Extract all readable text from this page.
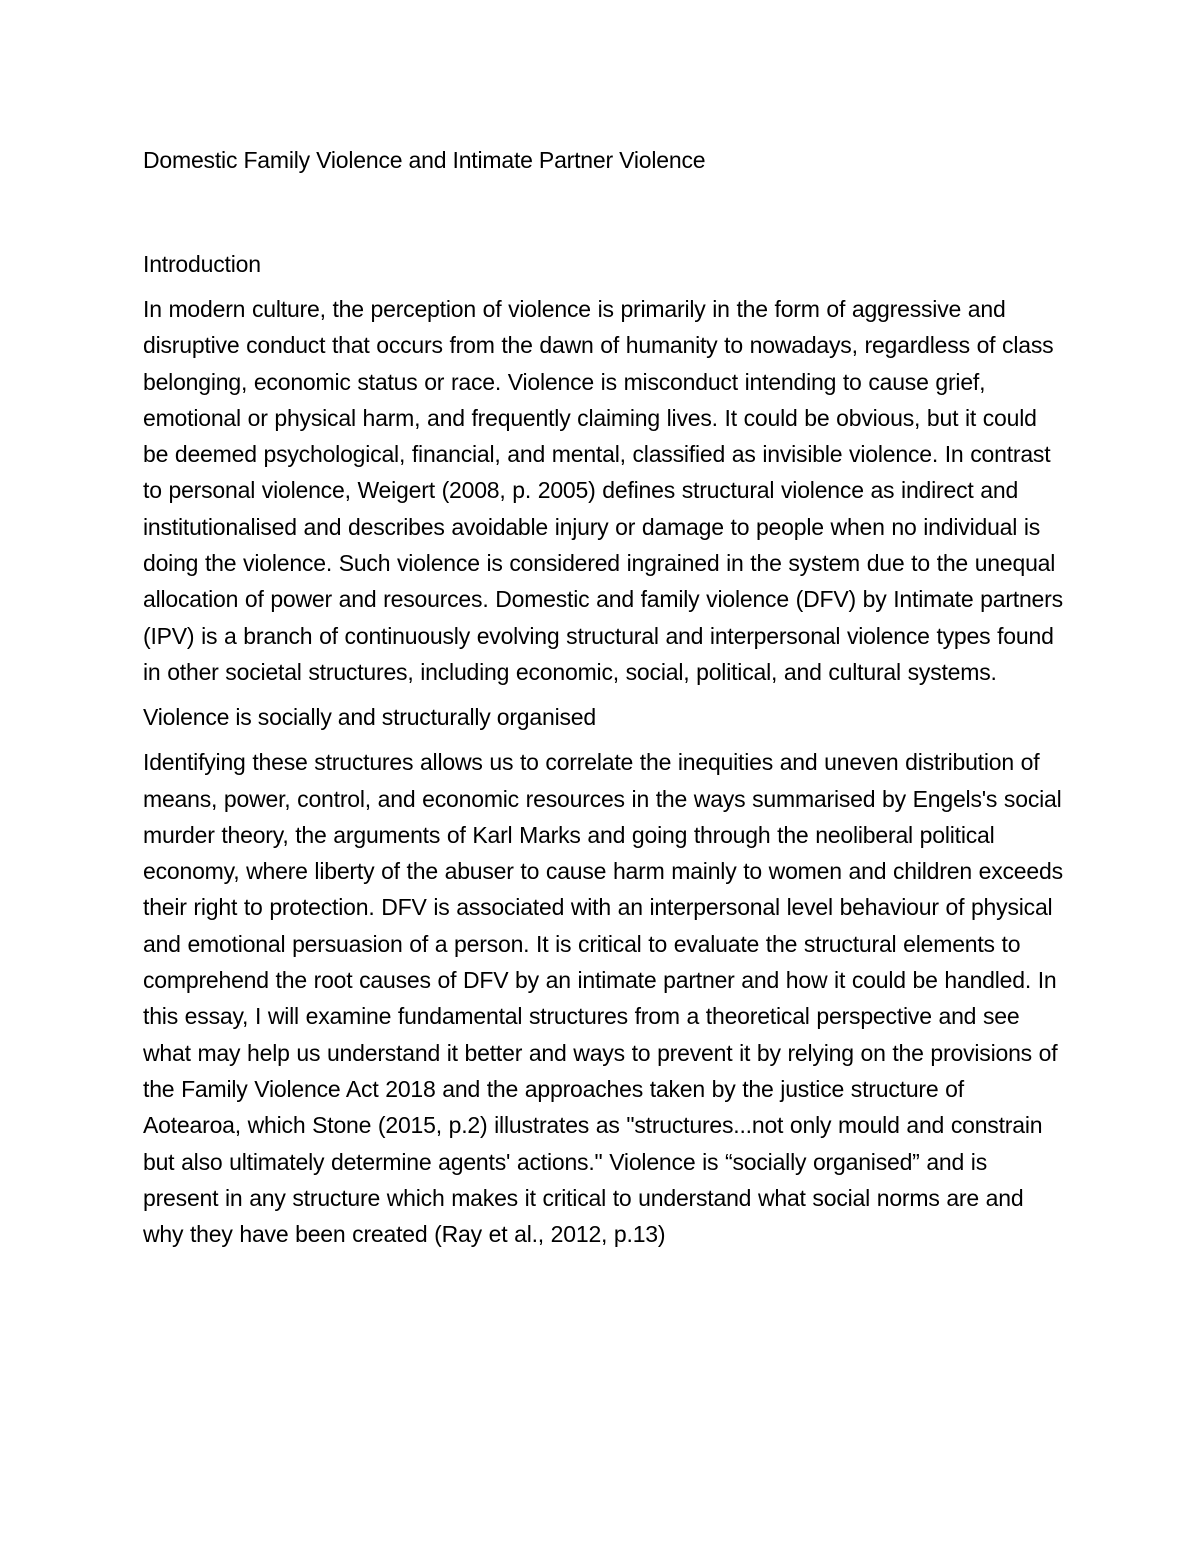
Domestic Family Violence and Intimate Partner Violence
Introduction

In modern culture, the perception of violence is primarily in the form of aggressive and disruptive conduct that occurs from the dawn of humanity to nowadays, regardless of class belonging, economic status or race. Violence is misconduct intending to cause grief, emotional or physical harm, and frequently claiming lives. It could be obvious, but it could be deemed psychological, financial, and mental, classified as invisible violence. In contrast to personal violence, Weigert (2008, p. 2005) defines structural violence as indirect and institutionalised and describes avoidable injury or damage to people when no individual is doing the violence. Such violence is considered ingrained in the system due to the unequal allocation of power and resources. Domestic and family violence (DFV) by Intimate partners (IPV) is a branch of continuously evolving structural and interpersonal violence types found in other societal structures, including economic, social, political, and cultural systems.

Violence is socially and structurally organised

Identifying these structures allows us to correlate the inequities and uneven distribution of means, power, control, and economic resources in the ways summarised by Engels's social murder theory, the arguments of Karl Marks and going through the neoliberal political economy, where liberty of the abuser to cause harm mainly to women and children exceeds their right to protection. DFV is associated with an interpersonal level behaviour of physical and emotional persuasion of a person. It is critical to evaluate the structural elements to comprehend the root causes of DFV by an intimate partner and how it could be handled. In this essay, I will examine fundamental structures from a theoretical perspective and see what may help us understand it better and ways to prevent it by relying on the provisions of the Family Violence Act 2018 and the approaches taken by the justice structure of Aotearoa, which Stone (2015, p.2) illustrates as "structures...not only mould and constrain but also ultimately determine agents' actions." Violence is “socially organised” and is present in any structure which makes it critical to understand what social norms are and why they have been created (Ray et al., 2012, p.13)
